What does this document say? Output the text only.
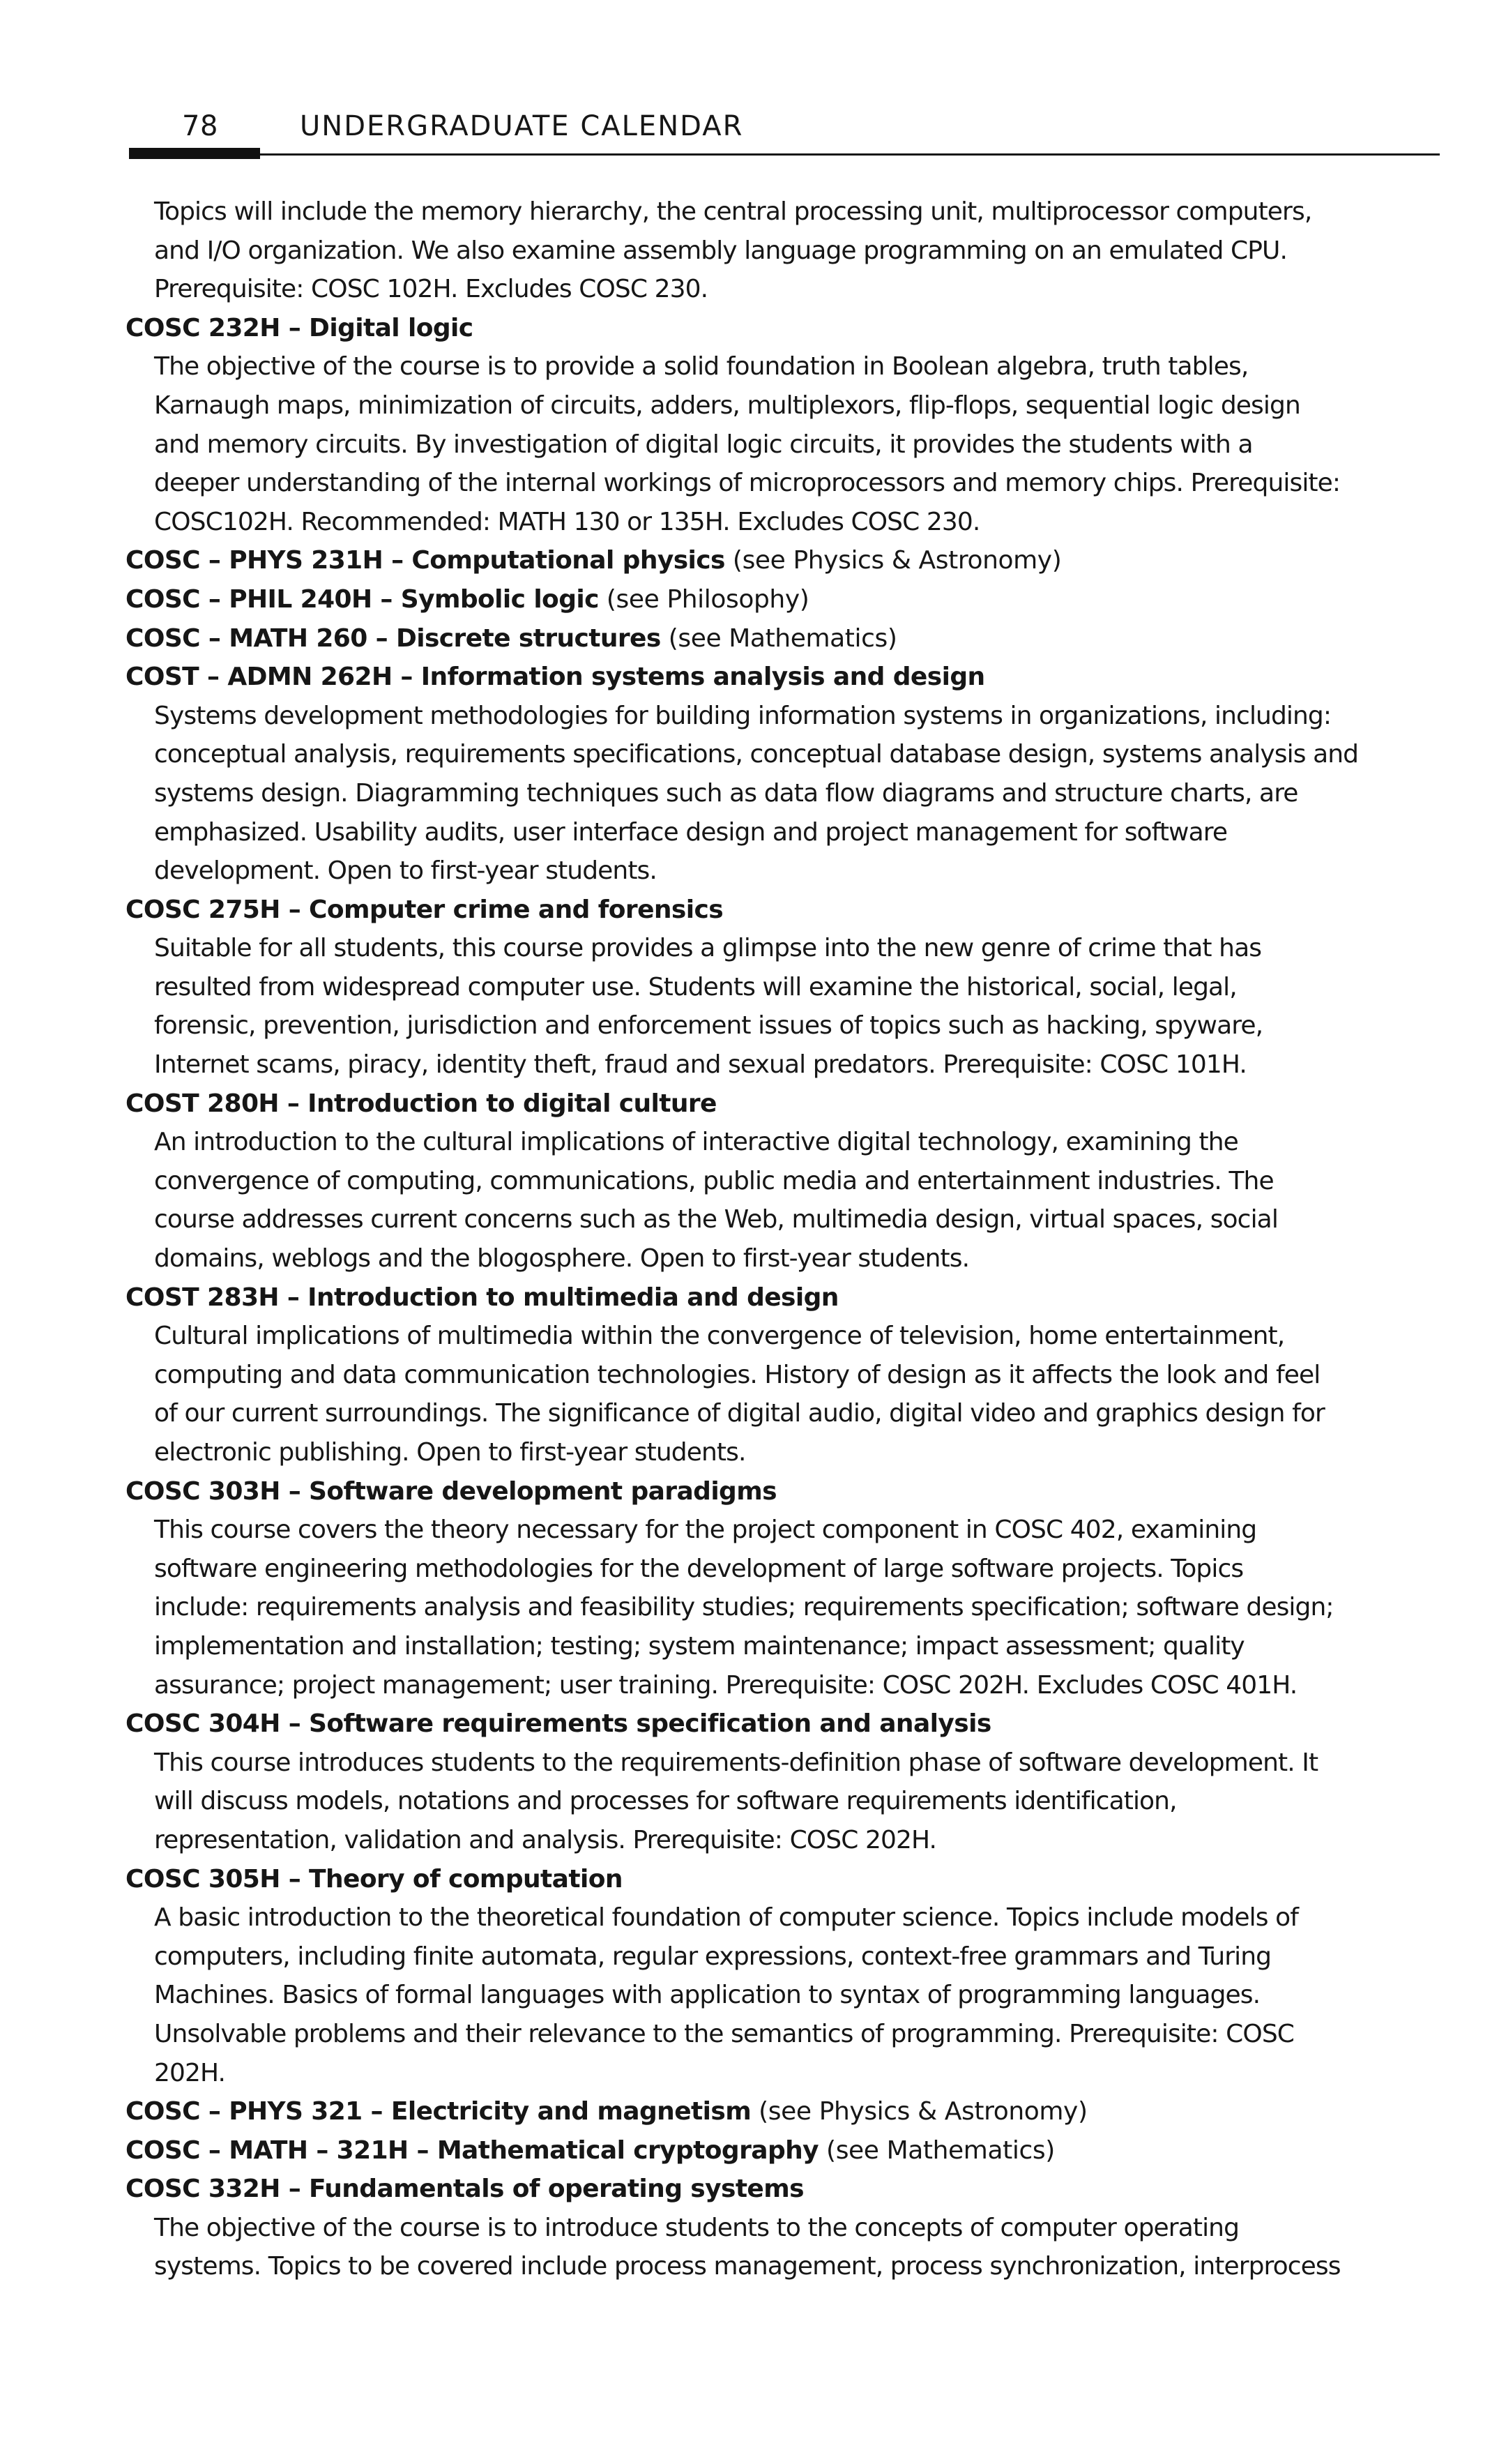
78	UNDERGRADUATE CALENDAR
Topics will include the memory hierarchy, the central processing unit, multiprocessor computers,
and I/O organization. We also examine assembly language programming on an emulated CPU.
Prerequisite: COSC 102H. Excludes COSC 230.
COSC 232H – Digital logic
The objective of the course is to provide a solid foundation in Boolean algebra, truth tables,
Karnaugh maps, minimization of circuits, adders, multiplexors, flip-flops, sequential logic design
and memory circuits. By investigation of digital logic circuits, it provides the students with a
deeper understanding of the internal workings of microprocessors and memory chips. Prerequisite:
COSC102H. Recommended: MATH 130 or 135H. Excludes COSC 230.
COSC – PHYS 231H – Computational physics (see Physics & Astronomy)
COSC – PHIL 240H – Symbolic logic (see Philosophy)
COSC – MATH 260 – Discrete structures (see Mathematics)
COST – ADMN 262H – Information systems analysis and design
Systems development methodologies for building information systems in organizations, including:
conceptual analysis, requirements specifications, conceptual database design, systems analysis and
systems design. Diagramming techniques such as data flow diagrams and structure charts, are
emphasized. Usability audits, user interface design and project management for software
development. Open to first-year students.
COSC 275H – Computer crime and forensics
Suitable for all students, this course provides a glimpse into the new genre of crime that has
resulted from widespread computer use. Students will examine the historical, social, legal,
forensic, prevention, jurisdiction and enforcement issues of topics such as hacking, spyware,
Internet scams, piracy, identity theft, fraud and sexual predators. Prerequisite: COSC 101H.
COST 280H – Introduction to digital culture
An introduction to the cultural implications of interactive digital technology, examining the
convergence of computing, communications, public media and entertainment industries. The
course addresses current concerns such as the Web, multimedia design, virtual spaces, social
domains, weblogs and the blogosphere. Open to first-year students.
COST 283H – Introduction to multimedia and design
Cultural implications of multimedia within the convergence of television, home entertainment,
computing and data communication technologies. History of design as it affects the look and feel
of our current surroundings. The significance of digital audio, digital video and graphics design for
electronic publishing. Open to first-year students.
COSC 303H – Software development paradigms
This course covers the theory necessary for the project component in COSC 402, examining
software engineering methodologies for the development of large software projects. Topics
include: requirements analysis and feasibility studies; requirements specification; software design;
implementation and installation; testing; system maintenance; impact assessment; quality
assurance; project management; user training. Prerequisite: COSC 202H. Excludes COSC 401H.
COSC 304H – Software requirements specification and analysis
This course introduces students to the requirements-definition phase of software development. It
will discuss models, notations and processes for software requirements identification,
representation, validation and analysis. Prerequisite: COSC 202H.
COSC 305H – Theory of computation
A basic introduction to the theoretical foundation of computer science. Topics include models of
computers, including finite automata, regular expressions, context-free grammars and Turing
Machines. Basics of formal languages with application to syntax of programming languages.
Unsolvable problems and their relevance to the semantics of programming. Prerequisite: COSC
202H.
COSC – PHYS 321 – Electricity and magnetism (see Physics & Astronomy)
COSC – MATH – 321H – Mathematical cryptography (see Mathematics)
COSC 332H – Fundamentals of operating systems
The objective of the course is to introduce students to the concepts of computer operating
systems. Topics to be covered include process management, process synchronization, interprocess
